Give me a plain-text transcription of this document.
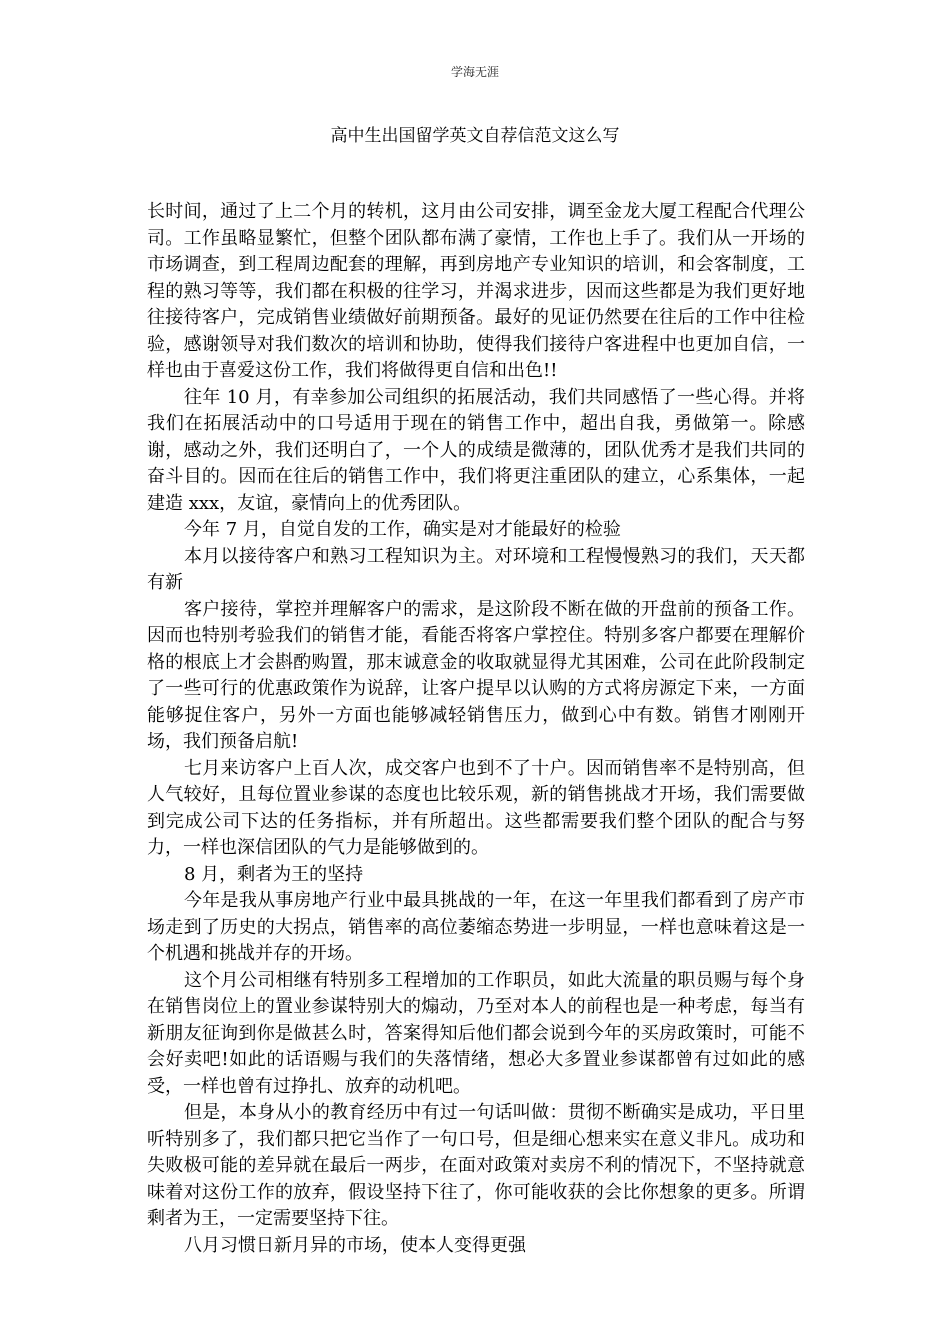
学海无涯
高中生出国留学英文自荐信范文这么写

长时间，通过了上二个月的转机，这月由公司安排，调至金龙大厦工程配合代理公司。工作虽略显繁忙，但整个团队都布满了豪情，工作也上手了。我们从一开场的市场调查，到工程周边配套的理解，再到房地产专业知识的培训，和会客制度，工程的熟习等等，我们都在积极的往学习，并渴求进步，因而这些都是为我们更好地往接待客户，完成销售业绩做好前期预备。最好的见证仍然要在往后的工作中往检验，感谢领导对我们数次的培训和协助，使得我们接待户客进程中也更加自信，一样也由于喜爱这份工作，我们将做得更自信和出色!!

往年 10 月，有幸参加公司组织的拓展活动，我们共同感悟了一些心得。并将我们在拓展活动中的口号适用于现在的销售工作中，超出自我，勇做第一。除感谢，感动之外，我们还明白了，一个人的成绩是微薄的，团队优秀才是我们共同的奋斗目的。因而在往后的销售工作中，我们将更注重团队的建立，心系集体，一起建造 xxx，友谊，豪情向上的优秀团队。

今年 7 月，自觉自发的工作，确实是对才能最好的检验

本月以接待客户和熟习工程知识为主。对环境和工程慢慢熟习的我们，天天都有新

客户接待，掌控并理解客户的需求，是这阶段不断在做的开盘前的预备工作。因而也特别考验我们的销售才能，看能否将客户掌控住。特别多客户都要在理解价格的根底上才会斟酌购置，那末诚意金的收取就显得尤其困难，公司在此阶段制定了一些可行的优惠政策作为说辞，让客户提早以认购的方式将房源定下来，一方面能够捉住客户，另外一方面也能够减轻销售压力，做到心中有数。销售才刚刚开场，我们预备启航!

七月来访客户上百人次，成交客户也到不了十户。因而销售率不是特别高，但人气较好，且每位置业参谋的态度也比较乐观，新的销售挑战才开场，我们需要做到完成公司下达的任务指标，并有所超出。这些都需要我们整个团队的配合与努力，一样也深信团队的气力是能够做到的。

8 月，剩者为王的坚持

今年是我从事房地产行业中最具挑战的一年，在这一年里我们都看到了房产市场走到了历史的大拐点，销售率的高位萎缩态势进一步明显，一样也意味着这是一个机遇和挑战并存的开场。

这个月公司相继有特别多工程增加的工作职员，如此大流量的职员赐与每个身在销售岗位上的置业参谋特别大的煽动，乃至对本人的前程也是一种考虑，每当有新朋友征询到你是做甚么时，答案得知后他们都会说到今年的买房政策时，可能不会好卖吧!如此的话语赐与我们的失落情绪，想必大多置业参谋都曾有过如此的感受，一样也曾有过挣扎、放弃的动机吧。

但是，本身从小的教育经历中有过一句话叫做：贯彻不断确实是成功，平日里听特别多了，我们都只把它当作了一句口号，但是细心想来实在意义非凡。成功和失败极可能的差异就在最后一两步，在面对政策对卖房不利的情况下，不坚持就意味着对这份工作的放弃，假设坚持下往了，你可能收获的会比你想象的更多。所谓剩者为王，一定需要坚持下往。

八月习惯日新月异的市场，使本人变得更强
